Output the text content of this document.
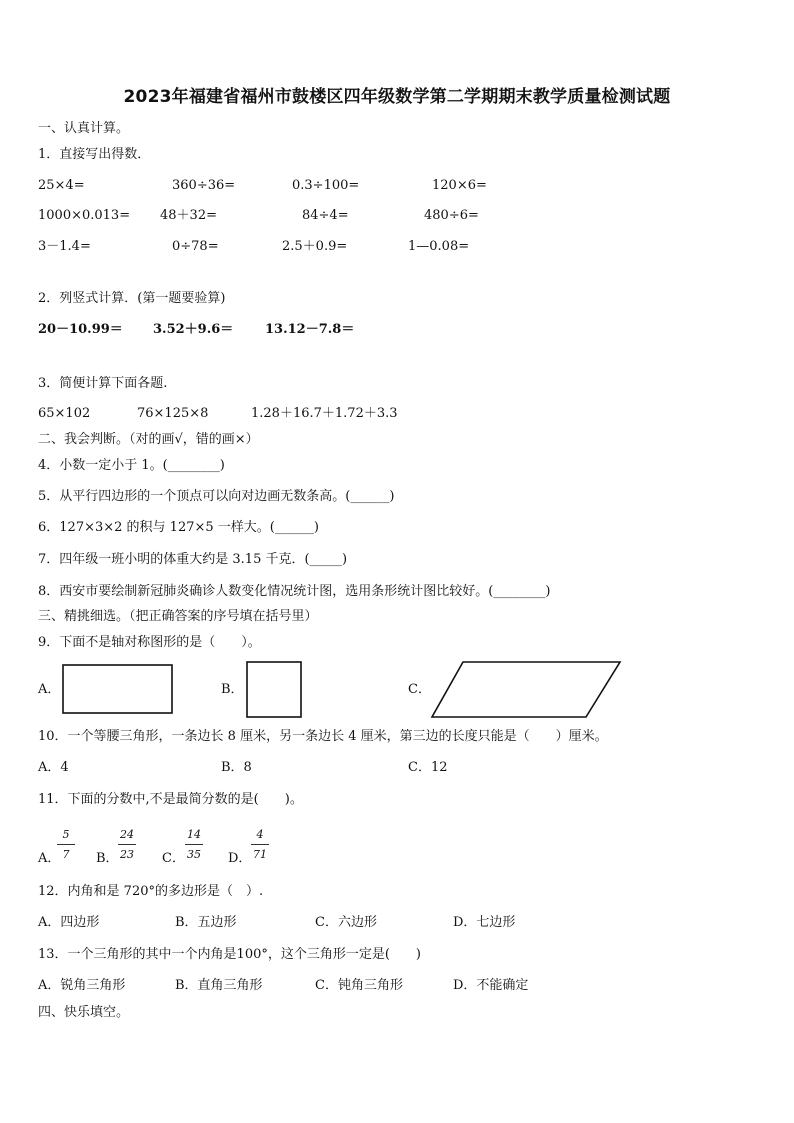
2023年福建省福州市鼓楼区四年级数学第二学期期末教学质量检测试题
一、认真计算。
1．直接写出得数．
25×4=	360÷36=	0.3÷100=	120×6=
1000×0.013= 48＋32=	84÷4=	480÷6=
3－1.4=	0÷78=	2.5＋0.9=	1—0.08=
2．列竖式计算．(第一题要验算)
20－10.99＝ 3.52＋9.6＝ 13.12－7.8＝
3．简便计算下面各题.
65×102	76×125×8	1.28＋16.7＋1.72＋3.3
二、我会判断。（对的画√，错的画×）
4．小数一定小于 1。(________)
5．从平行四边形的一个顶点可以向对边画无数条高。(______)
6．127×3×2 的积与 127×5 一样大。(______)
7．四年级一班小明的体重大约是 3.15 千克．(_____)
8．西安市要绘制新冠肺炎确诊人数变化情况统计图，选用条形统计图比较好。(________)
三、精挑细选。（把正确答案的序号填在括号里）
9．下面不是轴对称图形的是（　　）。
A．	B．	C．
10．一个等腰三角形，一条边长 8 厘米，另一条边长 4 厘米，第三边的长度只能是（　　）厘米。
A．4	B．8	C．12
11．下面的分数中,不是最简分数的是(　　)。
A．
$\frac{5}{7}$ B． $\frac{24}{23}$ C． $\frac{14}{35}$ D． $\frac{4}{71}$
12．内角和是 720°的多边形是（　）.
A．四边形	B．五边形	C．六边形	D．七边形
13．一个三角形的其中一个内角是100°，这个三角形一定是(　　)
A．锐角三角形	B．直角三角形	C．钝角三角形	D．不能确定
四、快乐填空。
